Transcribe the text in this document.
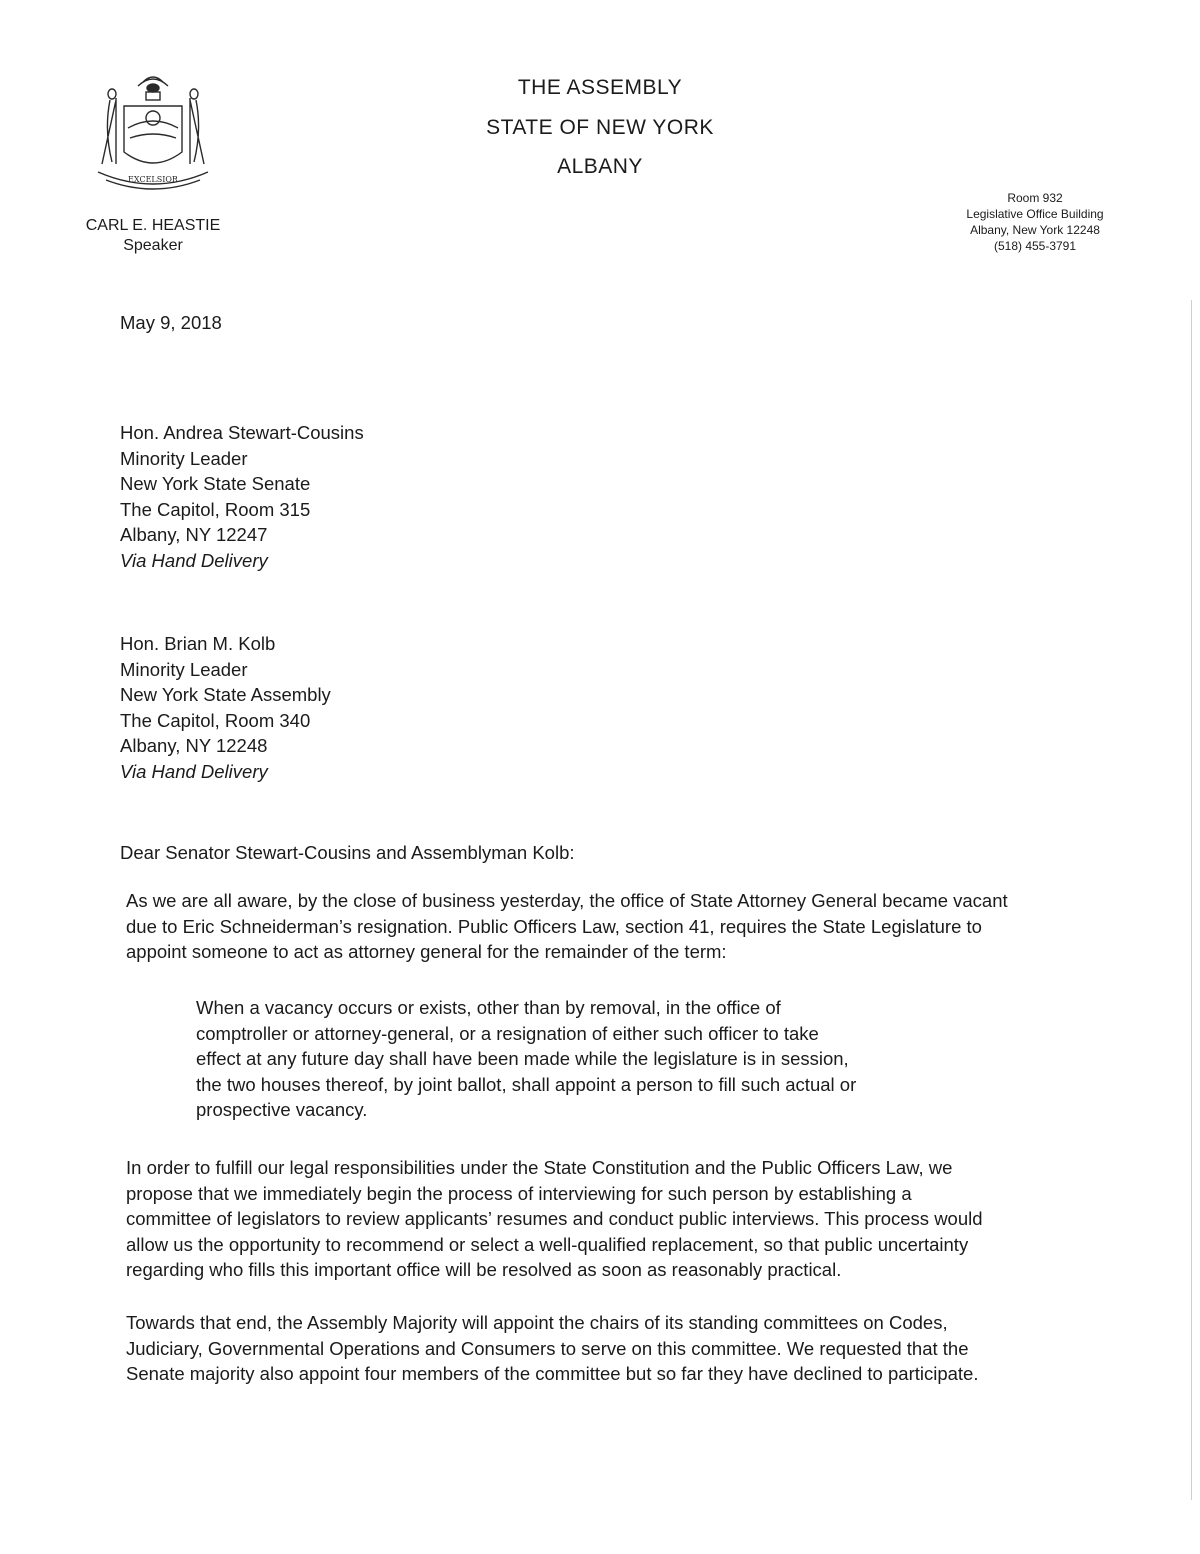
EXCELSIOR
CARL E. HEASTIE
Speaker
THE ASSEMBLY
STATE OF NEW YORK
ALBANY
Room 932
Legislative Office Building
Albany, New York 12248
(518) 455-3791
May 9, 2018
Hon. Andrea Stewart-Cousins
Minority Leader
New York State Senate
The Capitol, Room 315
Albany, NY 12247
Via Hand Delivery
Hon. Brian M. Kolb
Minority Leader
New York State Assembly
The Capitol, Room 340
Albany, NY 12248
Via Hand Delivery
Dear Senator Stewart-Cousins and Assemblyman Kolb:
As we are all aware, by the close of business yesterday, the office of State Attorney General became vacant
due to Eric Schneiderman’s resignation. Public Officers Law, section 41, requires the State Legislature to
appoint someone to act as attorney general for the remainder of the term:
When a vacancy occurs or exists, other than by removal, in the office of
comptroller or attorney-general, or a resignation of either such officer to take
effect at any future day shall have been made while the legislature is in session,
the two houses thereof, by joint ballot, shall appoint a person to fill such actual or
prospective vacancy.
In order to fulfill our legal responsibilities under the State Constitution and the Public Officers Law, we
propose that we immediately begin the process of interviewing for such person by establishing a
committee of legislators to review applicants’ resumes and conduct public interviews. This process would
allow us the opportunity to recommend or select a well-qualified replacement, so that public uncertainty
regarding who fills this important office will be resolved as soon as reasonably practical.
Towards that end, the Assembly Majority will appoint the chairs of its standing committees on Codes,
Judiciary, Governmental Operations and Consumers to serve on this committee. We requested that the
Senate majority also appoint four members of the committee but so far they have declined to participate.
